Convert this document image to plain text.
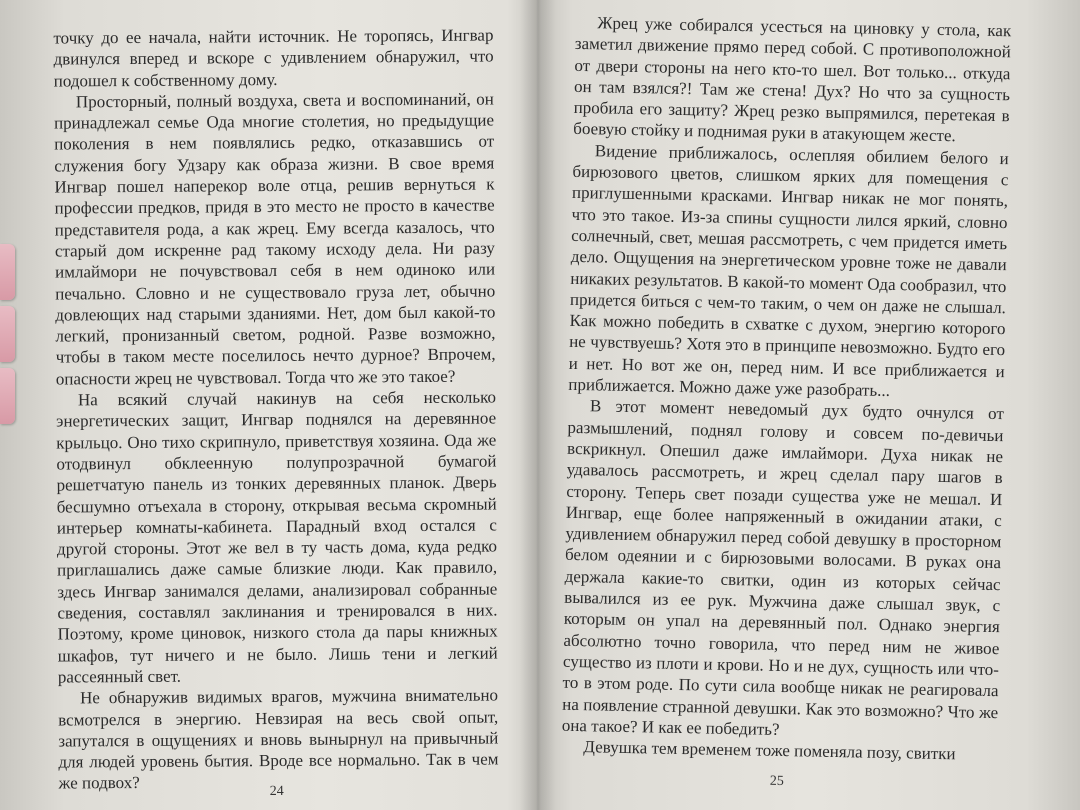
точку до ее начала, найти источник. Не торопясь, Ингвар двинулся вперед и вскоре с удивлением обнаружил, что подошел к собственному дому.

Просторный, полный воздуха, света и воспоминаний, он принадлежал семье Ода многие столетия, но предыдущие поколения в нем появлялись редко, отказавшись от служения богу Удзару как образа жизни. В свое время Ингвар пошел наперекор воле отца, решив вернуться к профессии предков, придя в это место не просто в качестве представителя рода, а как жрец. Ему всегда казалось, что старый дом искренне рад такому исходу дела. Ни разу имлаймори не почувствовал себя в нем одиноко или печально. Словно и не существовало груза лет, обычно довлеющих над старыми зданиями. Нет, дом был какой-то легкий, пронизанный светом, родной. Разве возможно, чтобы в таком месте поселилось нечто дурное? Впрочем, опасности жрец не чувствовал. Тогда что же это такое?

На всякий случай накинув на себя несколько энергетических защит, Ингвар поднялся на деревянное крыльцо. Оно тихо скрипнуло, приветствуя хозяина. Ода же отодвинул обклеенную полупрозрачной бумагой решетчатую панель из тонких деревянных планок. Дверь бесшумно отъехала в сторону, открывая весьма скромный интерьер комнаты-кабинета. Парадный вход остался с другой стороны. Этот же вел в ту часть дома, куда редко приглашались даже самые близкие люди. Как правило, здесь Ингвар занимался делами, анализировал собранные сведения, составлял заклинания и тренировался в них. Поэтому, кроме циновок, низкого стола да пары книжных шкафов, тут ничего и не было. Лишь тени и легкий рассеянный свет.

Не обнаружив видимых врагов, мужчина внимательно всмотрелся в энергию. Невзирая на весь свой опыт, запутался в ощущениях и вновь вынырнул на привычный для людей уровень бытия. Вроде все нормально. Так в чем же подвох?	24

Жрец уже собирался усесться на циновку у стола, как заметил движение прямо перед собой. С противоположной от двери стороны на него кто-то шел. Вот только... откуда он там взялся?! Там же стена! Дух? Но что за сущность пробила его защиту? Жрец резко выпрямился, перетекая в боевую стойку и поднимая руки в атакующем жесте.

Видение приближалось, ослепляя обилием белого и бирюзового цветов, слишком ярких для помещения с приглушенными красками. Ингвар никак не мог понять, что это такое. Из-за спины сущности лился яркий, словно солнечный, свет, мешая рассмотреть, с чем придется иметь дело. Ощущения на энергетическом уровне тоже не давали никаких результатов. В какой-то момент Ода сообразил, что придется биться с чем-то таким, о чем он даже не слышал. Как можно победить в схватке с духом, энергию которого не чувствуешь? Хотя это в принципе невозможно. Будто его и нет. Но вот же он, перед ним. И все приближается и приближается. Можно даже уже разобрать...

В этот момент неведомый дух будто очнулся от размышлений, поднял голову и совсем по-девичьи вскрикнул. Опешил даже имлаймори. Духа никак не удавалось рассмотреть, и жрец сделал пару шагов в сторону. Теперь свет позади существа уже не мешал. И Ингвар, еще более напряженный в ожидании атаки, с удивлением обнаружил перед собой девушку в просторном белом одеянии и с бирюзовыми волосами. В руках она держала какие-то свитки, один из которых сейчас вывалился из ее рук. Мужчина даже слышал звук, с которым он упал на деревянный пол. Однако энергия абсолютно точно говорила, что перед ним не живое существо из плоти и крови. Но и не дух, сущность или что-то в этом роде. По сути сила вообще никак не реагировала на появление странной девушки. Как это возможно? Что же она такое? И как ее победить?

Девушка тем временем тоже поменяла позу, свитки

25
